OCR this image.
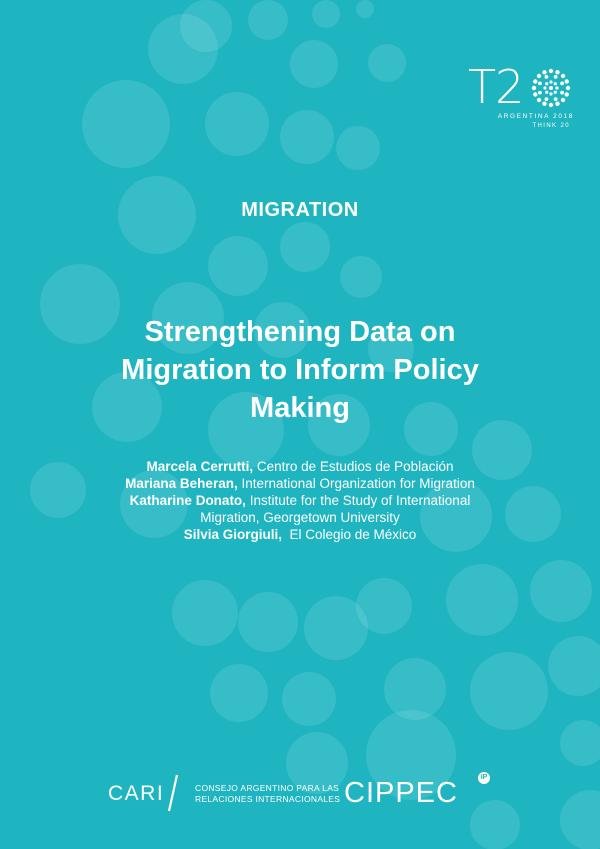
T2
ARGENTINA 2018
THINK 20
MIGRATION
Strengthening Data on
Migration to Inform Policy
Making
Marcela Cerrutti, Centro de Estudios de Población
Mariana Beheran, International Organization for Migration
Katharine Donato, Institute for the Study of International
Migration, Georgetown University
Silvia Giorgiuli,  El Colegio de México
CARI	CONSEJO ARGENTINO PARA LAS
RELACIONES INTERNACIONALES CIPPEC	IP
